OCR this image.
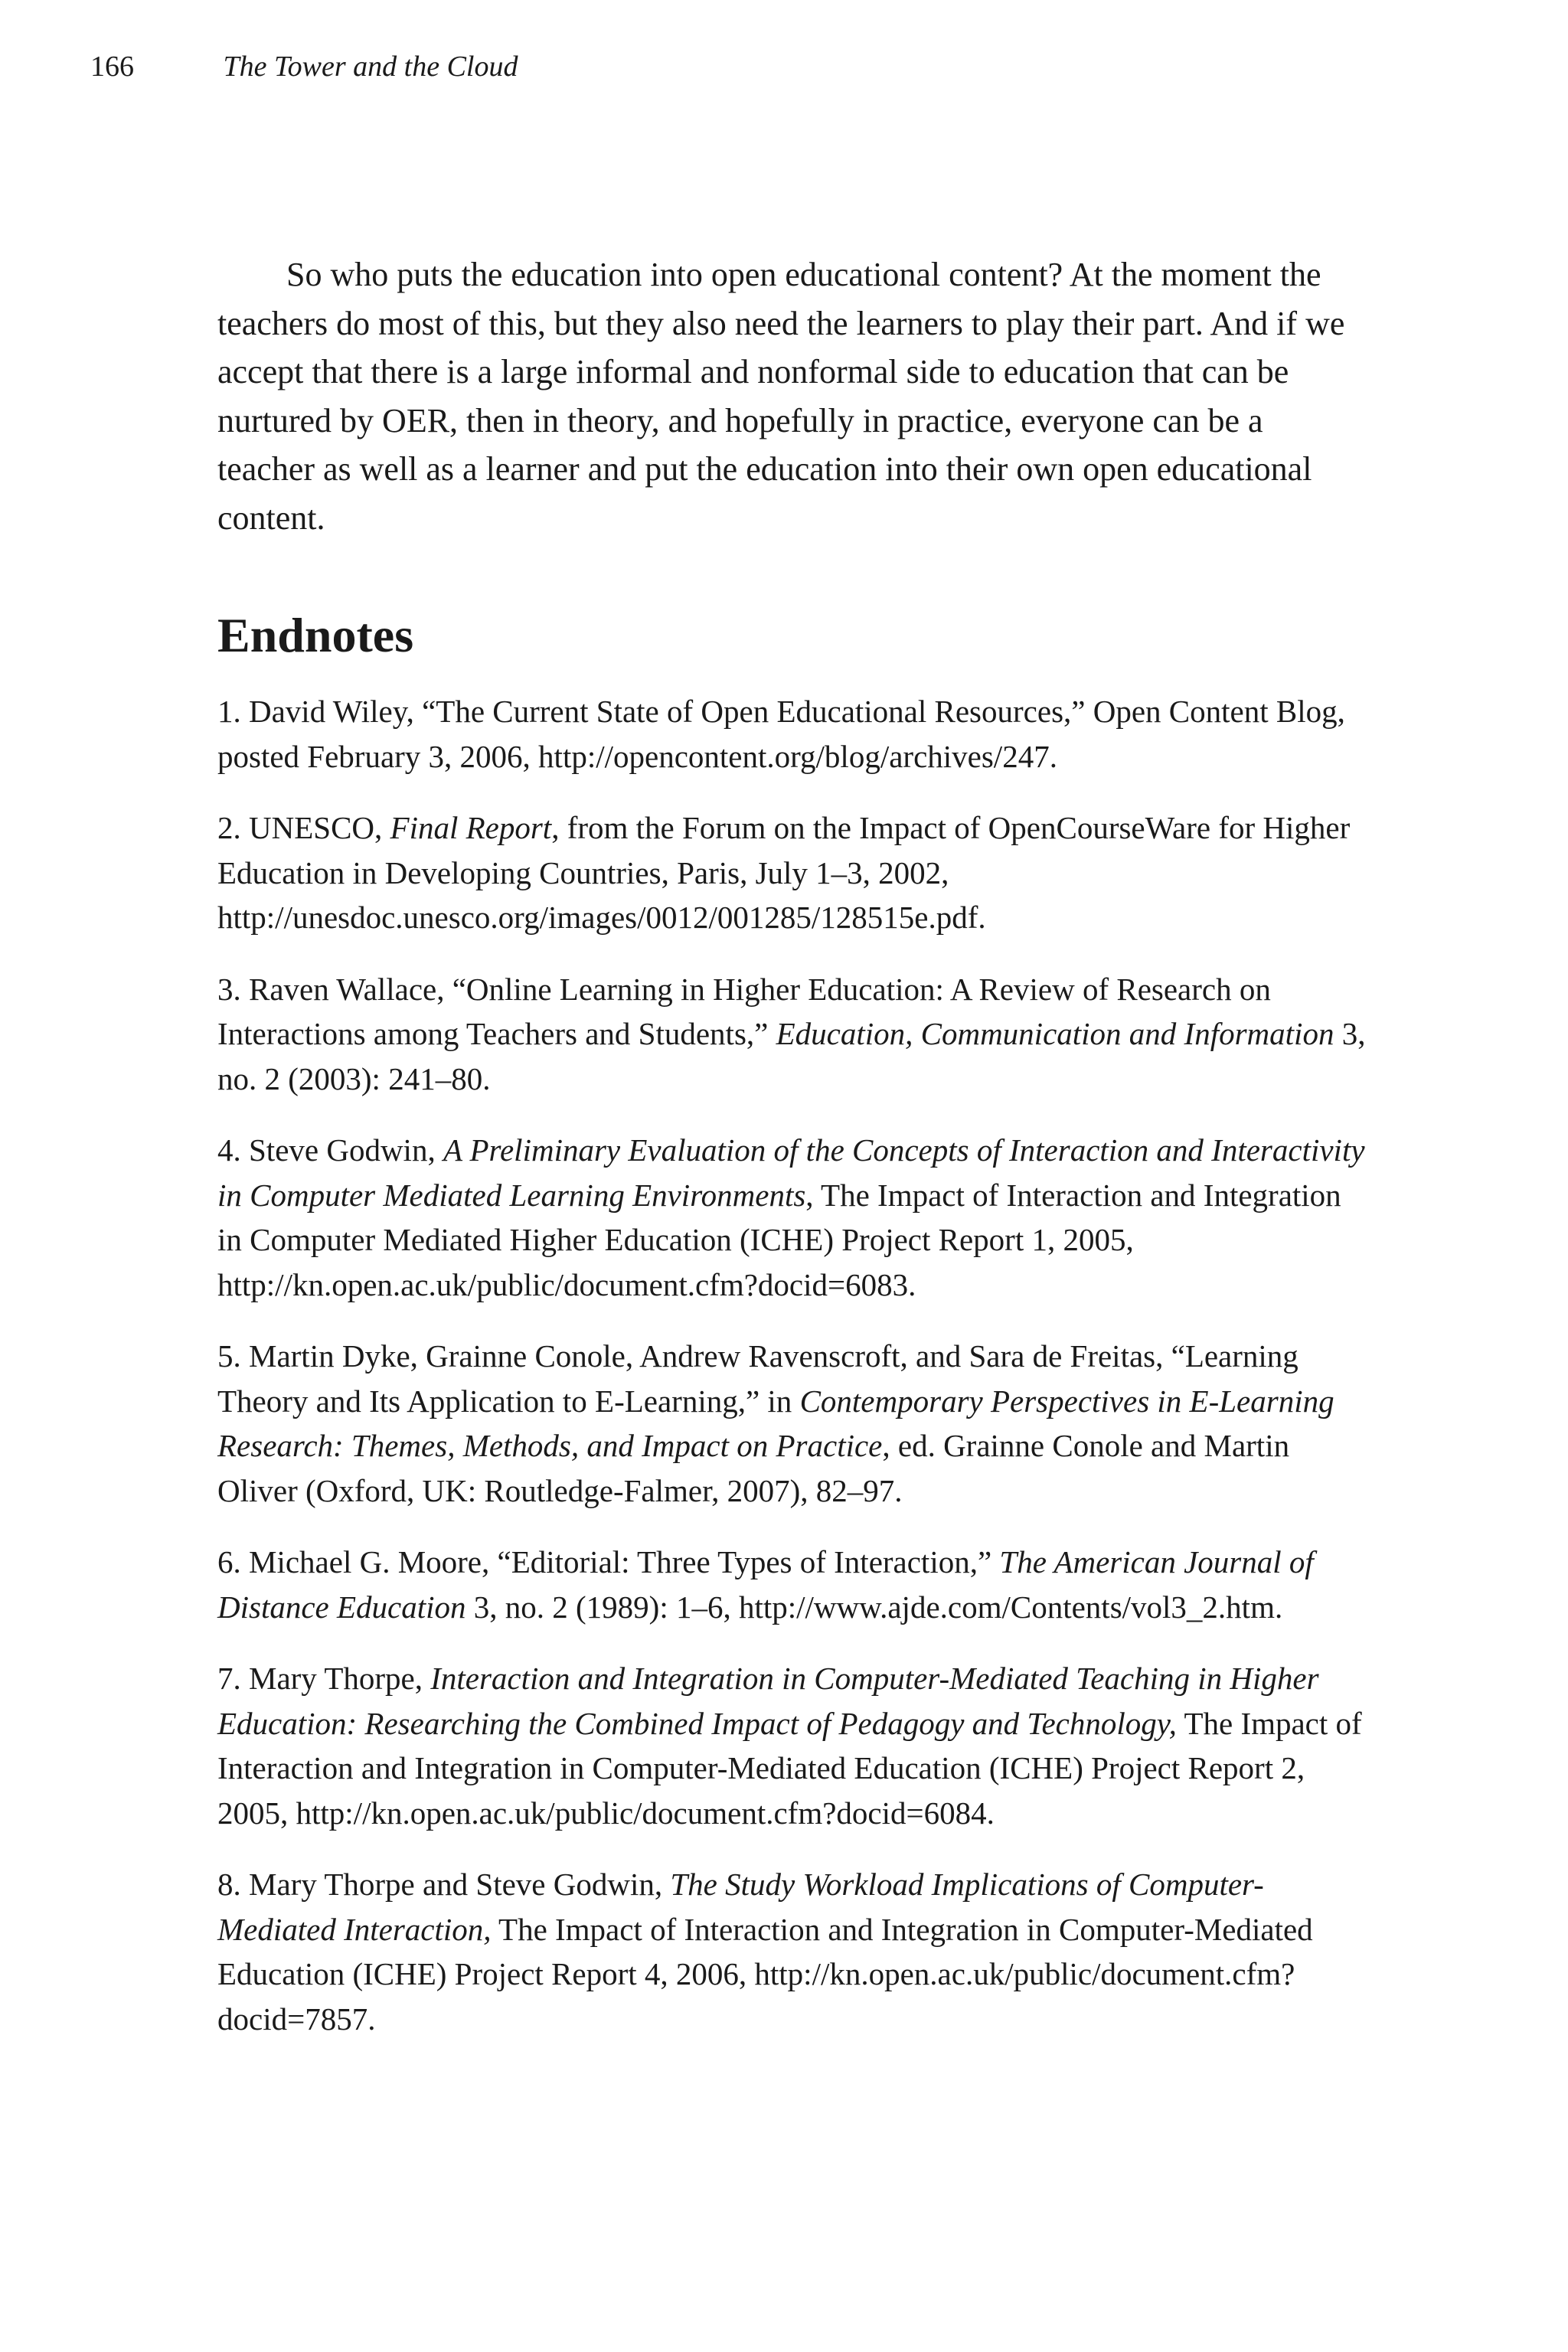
166	The Tower and the Cloud

So who puts the education into open educational content? At the moment the teachers do most of this, but they also need the learners to play their part. And if we accept that there is a large informal and nonformal side to education that can be nurtured by OER, then in theory, and hopefully in practice, everyone can be a teacher as well as a learner and put the education into their own open educational content.

Endnotes

1. David Wiley, “The Current State of Open Educational Resources,” Open Content Blog, posted February 3, 2006, http://opencontent.org/blog/archives/247.

2. UNESCO, Final Report, from the Forum on the Impact of OpenCourseWare for Higher Education in Developing Countries, Paris, July 1–3, 2002, http://unesdoc.unesco.org/images/0012/001285/128515e.pdf.

3. Raven Wallace, “Online Learning in Higher Education: A Review of Research on Interactions among Teachers and Students,” Education, Communication and Information 3, no. 2 (2003): 241–80.

4. Steve Godwin, A Preliminary Evaluation of the Concepts of Interaction and Interactivity in Computer Mediated Learning Environments, The Impact of Interaction and Integration in Computer Mediated Higher Education (ICHE) Project Report 1, 2005, http://kn.open.ac.uk/public/document.cfm?docid=6083.

5. Martin Dyke, Grainne Conole, Andrew Ravenscroft, and Sara de Freitas, “Learning Theory and Its Application to E-Learning,” in Contemporary Perspectives in E-Learning Research: Themes, Methods, and Impact on Practice, ed. Grainne Conole and Martin Oliver (Oxford, UK: Routledge-Falmer, 2007), 82–97.

6. Michael G. Moore, “Editorial: Three Types of Interaction,” The American Journal of Distance Education 3, no. 2 (1989): 1–6, http://www.ajde.com/Contents/vol3_2.htm.

7. Mary Thorpe, Interaction and Integration in Computer-Mediated Teaching in Higher Education: Researching the Combined Impact of Pedagogy and Technology, The Impact of Interaction and Integration in Computer-Mediated Education (ICHE) Project Report 2, 2005, http://kn.open.ac.uk/public/document.cfm?docid=6084.

8. Mary Thorpe and Steve Godwin, The Study Workload Implications of Computer-Mediated Interaction, The Impact of Interaction and Integration in Computer-Mediated Education (ICHE) Project Report 4, 2006, http://kn.open.ac.uk/public/document.cfm?docid=7857.
